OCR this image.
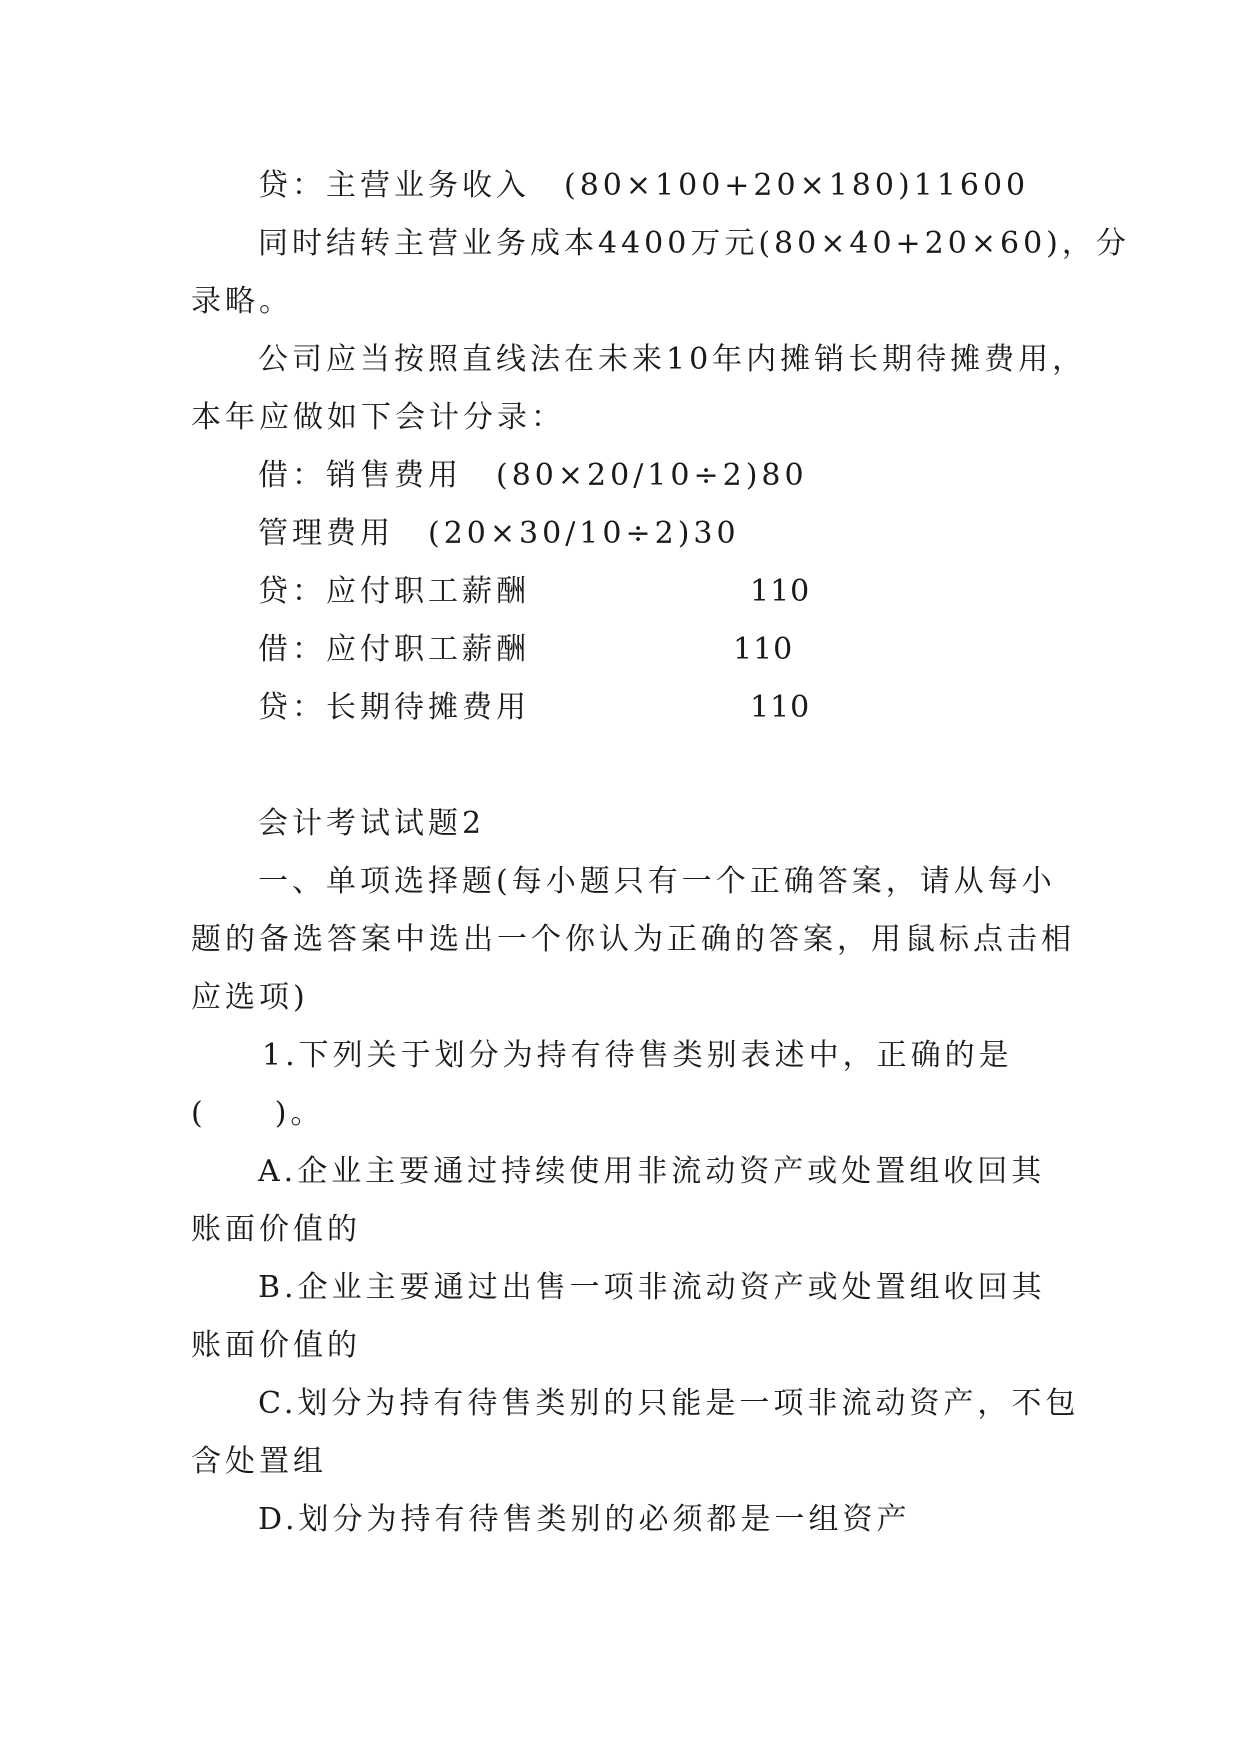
贷：主营业务收入　(80×100+20×180)11600
同时结转主营业务成本4400万元(80×40+20×60)，分
录略。
公司应当按照直线法在未来10年内摊销长期待摊费用，
本年应做如下会计分录：
借：销售费用　(80×20/10÷2)80
管理费用　(20×30/10÷2)30
贷：应付职工薪酬	110
借：应付职工薪酬	110
贷：长期待摊费用	110
会计考试试题2
一、单项选择题(每小题只有一个正确答案，请从每小
题的备选答案中选出一个你认为正确的答案，用鼠标点击相
应选项)
1.下列关于划分为持有待售类别表述中，正确的是
(　　)。
A.企业主要通过持续使用非流动资产或处置组收回其
账面价值的
B.企业主要通过出售一项非流动资产或处置组收回其
账面价值的
C.划分为持有待售类别的只能是一项非流动资产，不包
含处置组
D.划分为持有待售类别的必须都是一组资产
